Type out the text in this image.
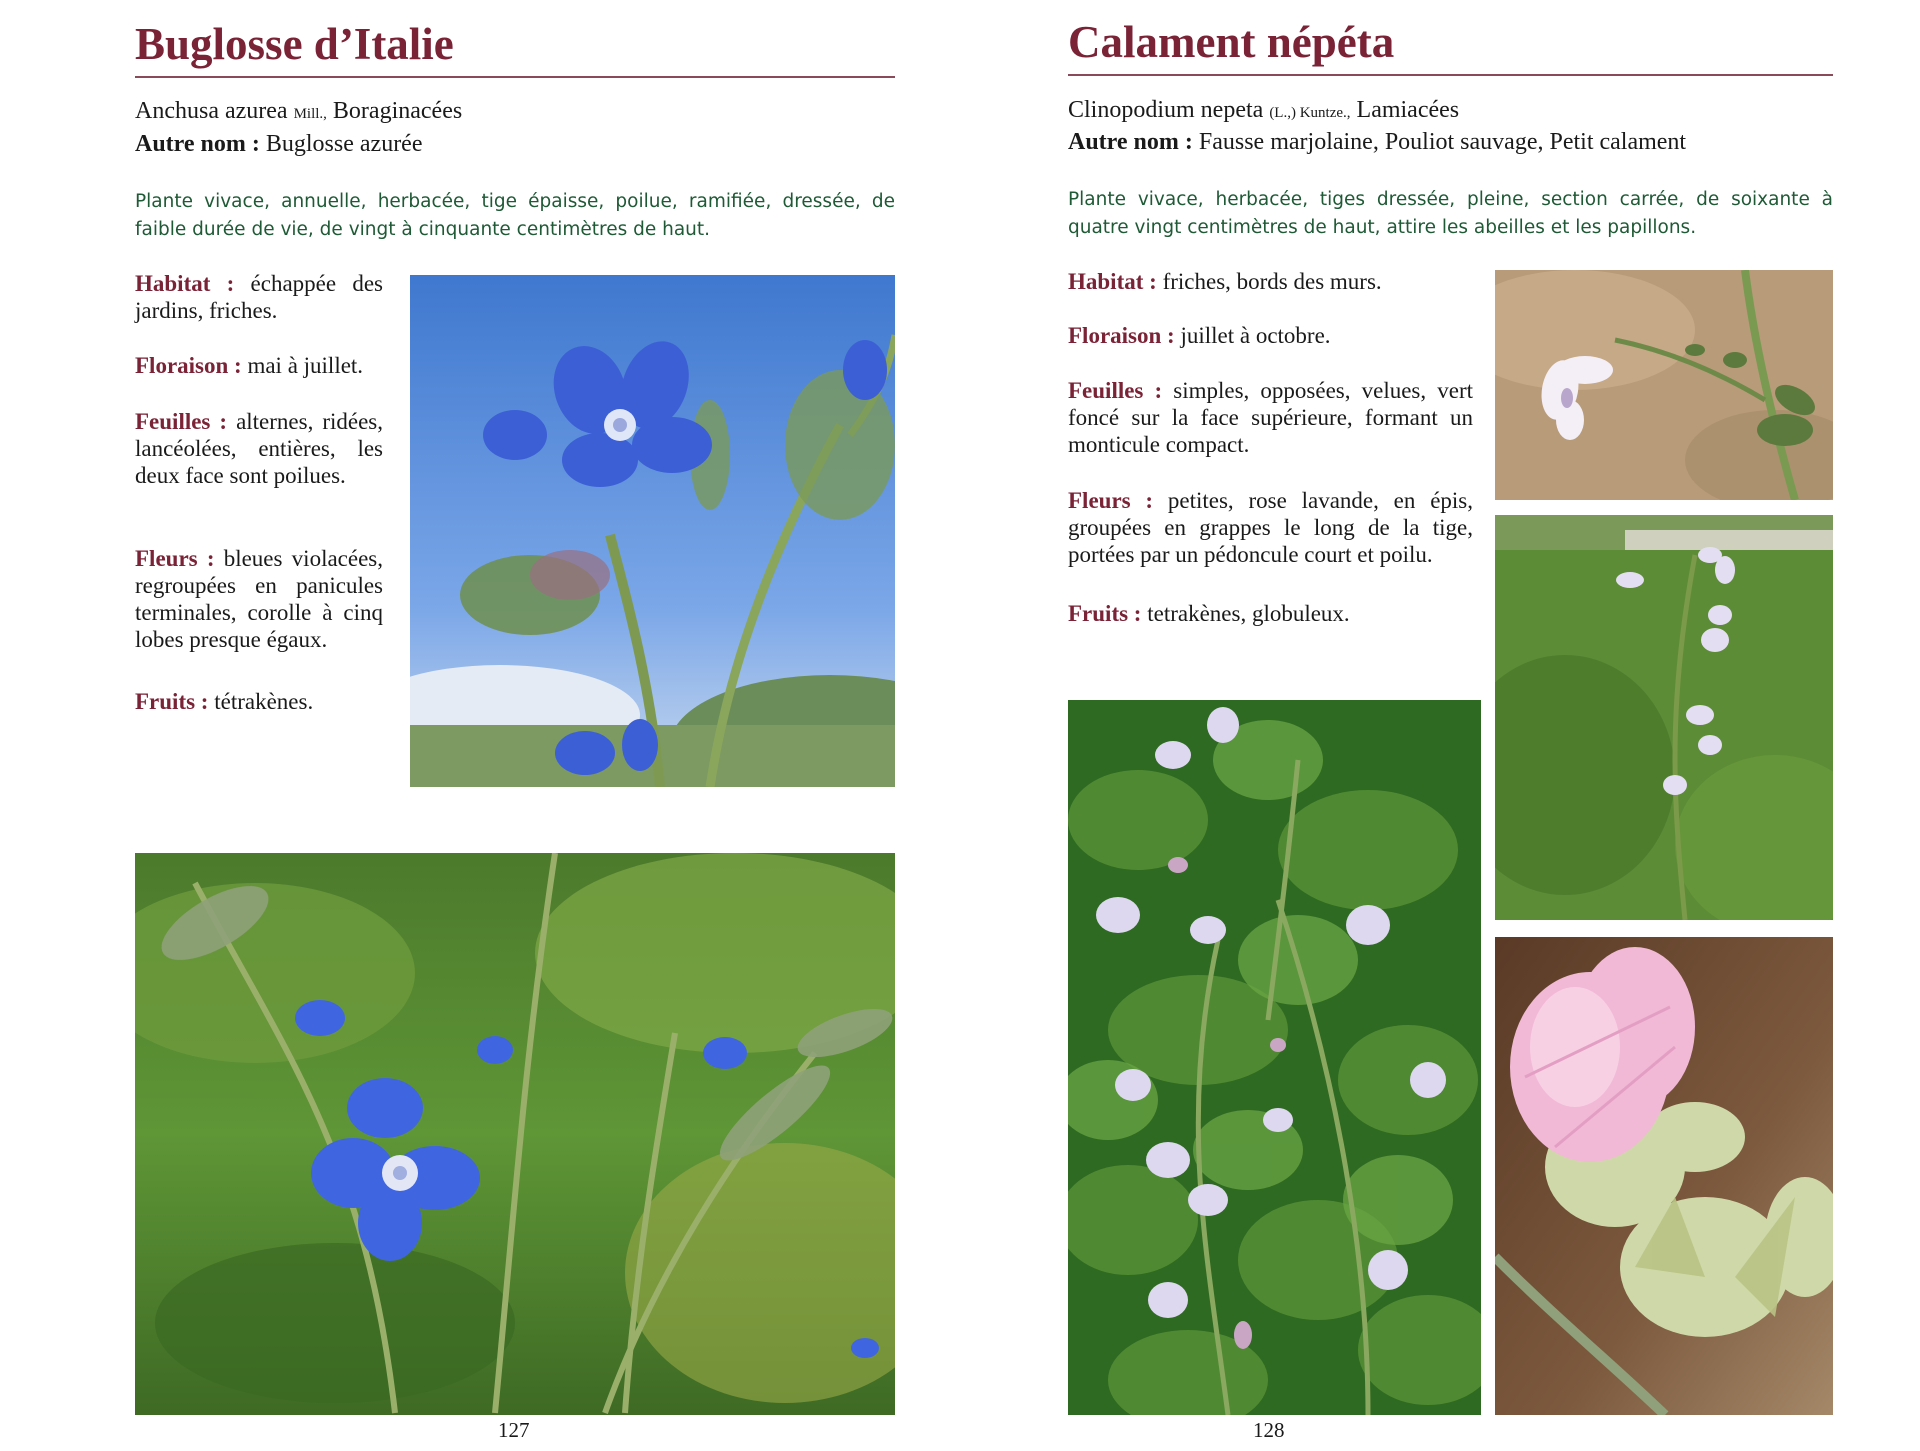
Buglosse d’Italie
Anchusa azurea Mill., Boraginacées
Autre nom : Buglosse azurée
Plante vivace, annuelle, herbacée, tige épaisse, poilue, ramifiée, dressée, de faible durée de vie, de vingt à cinquante centimètres de haut.
Habitat : échappée des jardins, friches.
Floraison : mai à juillet.
Feuilles : alternes, ridées, lancéolées, entières, les deux face sont poilues.
Fleurs : bleues violacées, regroupées en panicules terminales, corolle à cinq lobes presque égaux.
Fruits : tétrakènes.
127
Calament népéta
Clinopodium nepeta (L.,) Kuntze., Lamiacées
Autre nom : Fausse marjolaine, Pouliot sauvage, Petit calament
Plante vivace, herbacée, tiges dressée, pleine, section carrée, de soixante à quatre vingt centimètres de haut, attire les abeilles et les papillons.
Habitat : friches, bords des murs.
Floraison : juillet à octobre.
Feuilles : simples, opposées, velues, vert foncé sur la face supérieure, formant un monticule compact.
Fleurs : petites, rose lavande, en épis, groupées en grappes le long de la tige, portées par un pédoncule court et poilu.
Fruits : tetrakènes, globuleux.
128
